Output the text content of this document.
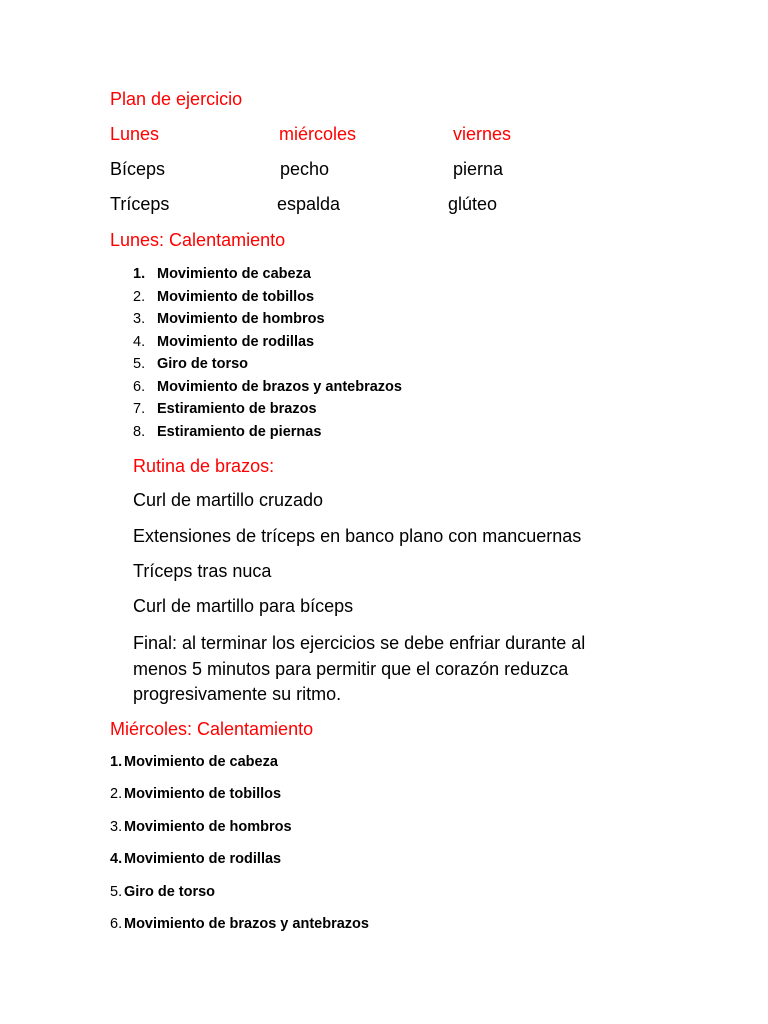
Plan de ejercicio
Lunes	miércoles	viernes
Bíceps	pecho	pierna
Tríceps	espalda	glúteo
Lunes: Calentamiento
1. Movimiento de cabeza
2. Movimiento de tobillos
3. Movimiento de hombros
4. Movimiento de rodillas
5. Giro de torso
6. Movimiento de brazos y antebrazos
7. Estiramiento de brazos
8. Estiramiento de piernas
Rutina de brazos:
Curl de martillo cruzado
Extensiones de tríceps en banco plano con mancuernas
Tríceps tras nuca
Curl de martillo para bíceps
Final: al terminar los ejercicios se debe enfriar durante al menos 5 minutos para permitir que el corazón reduzca progresivamente su ritmo.
Miércoles: Calentamiento
1. Movimiento de cabeza
2. Movimiento de tobillos
3. Movimiento de hombros
4. Movimiento de rodillas
5. Giro de torso
6. Movimiento de brazos y antebrazos
